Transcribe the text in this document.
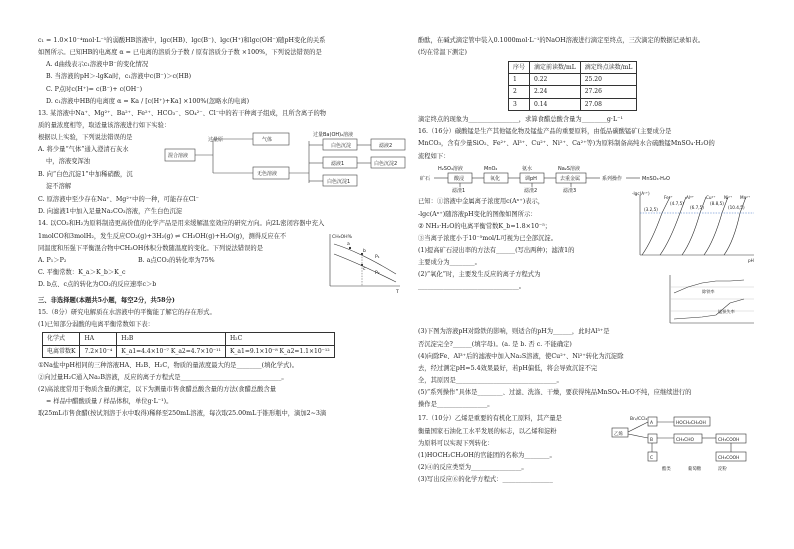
c₁ = 1.0×10⁻⁴mol·L⁻¹的弱酸HB溶液中，lgc(HB)、lgc(B⁻)、lgc(H⁺)和lgc(OH⁻)随pH变化的关系

如图所示。已知HB的电离度 α = 已电离的溶质分子数 / 原有溶质分子数 ×100%，下列说法错误的是

A. d曲线表示c₁溶液中B⁻的变化情况

B. 当溶液的pH＞-lgKa时，c₁溶液中c(B⁻)＞c(HB)

C. P点时c(H⁺)= c(B⁻)+ c(OH⁻)

D. c₁溶液中HB的电离度 α = Ka / [c(H⁺)+Ka] ×100%(忽略水的电离)

13. 某溶液中Na⁺、Mg²⁺、Ba²⁺、Fe²⁺、HCO₃⁻、SO₄²⁻、Cl⁻中的若干种离子组成，且所含离子的物

质的量浓度相等，取适量该溶液进行如下实验：

根据以上实验，下列说法错误的是

A. 将少量“气体”通入澄清石灰水

中，溶液变浑浊

B. 向“白色沉淀1”中加稀硝酸，沉

淀不溶解

混合溶液
过量原	气体
无色溶液
过量Ba(OH)₂溶液
白色沉淀
滤液1
白色沉淀1
滤液2
白色沉淀2

C. 原溶液中至少存在Na⁺、Mg²⁺中的一种，可能存在Cl⁻

D. 向滤液1中加入足量Na₂CO₃溶液，产生白色沉淀

14. 以CO₂和H₂为原料制造更高价值的化学产品是用来缓解温室效应的研究方向。向2L密闭容器中充入

1molCO和3molH₂，发生反应CO₂(g)+3H₂(g) ⇌ CH₃OH(g)+H₂O(g)，测得反应在不

同温度和压强下平衡混合物中CH₃OH体积分数随温度的变化。下列说法错误的是

A. P₁＞P₂	B. a点CO₂的转化率为75%

C. 平衡常数：K_a＞K_b＞K_c

D. b点、c点的转化为CO₂的反应速率c＞b

CH₃OH%
T
P₁
P₂
a
b
c

三、非选择题(本题共5小题，每空2分，共58分)

15.（8分）研究电解质在水溶液中的平衡能了解它的存在形式。

(1)已知部分弱酸的电离平衡常数如下表：

化学式	HA	H₂B	H₂C
电离常数K	7.2×10⁻⁴	K_a1=4.4×10⁻⁷ K_a2=4.7×10⁻¹¹	K_a1=9.1×10⁻⁸ K_a2=1.1×10⁻¹²

①Na盐中pH相同的三种溶液HA、H₂B、H₂C，物质的量浓度最大的是________(填化学式)。

②向过量H₂C通入Na₂B溶液，反应的离子方程式是________________________________。

(2)高浓度常用于物质含量的测定，以下为测量市售食醋总酸含量的方法(食醋总酸含量

= 样品中醋酸质量 / 样品体积，单位g·L⁻¹)。

取25mL市售食醋(按试剂溶于水中取得)稀释至250mL溶液，每次取25.00mL于锥形瓶中，滴加2~3滴

酚酞，在碱式滴定管中装入0.1000mol·L⁻¹的NaOH溶液进行滴定至终点，三次滴定的数据记录如表。

(均在常温下测定)

序号	滴定前读数/mL	滴定终点读数/mL
1	0.22	25.20
2	2.24	27.26
3	0.14	27.08

滴定终点的现象为________________，求算食醋总酸含量为________g·L⁻¹

16.（16分）碳酸锰是生产其他锰化物及锰盐产品的重要原料，由低品碳酸锰矿(主要成分是

MnCO₃，含有少量SiO₂、Fe²⁺、Al³⁺、Cu²⁺、Ni²⁺、Ca²⁺等)为原料制备高纯水合硫酸锰MnSO₄·H₂O的

流程如下：

矿石
H₂SO₄溶液
酸浸
MnO₂
氧化
氨水
调pH
Na₂S溶液
去重金属	系列操作	MnSO₄·H₂O
滤渣1	滤渣2	滤渣3

已知：①溶液中金属离子浓度用c(Aⁿ⁺)表示，

-lgc(Aⁿ⁺)随溶液pH变化的图像如图所示：

② NH₃·H₂O的电离平衡常数K_b=1.8×10⁻⁵；

③当离子浓度小于10⁻⁵mol/L可视为已全部沉淀。

(1)提高矿石浸出率的方法有______(写出两种)；滤渣1的

主要成分为________。

(2)“氧化”时，主要发生反应的离子方程式为

________________________________。

-lgc(Aⁿ⁺)
pH
Fe³⁺	Al³⁺	Cu²⁺ Ni²⁺ Mn²⁺
(3.2,5)
(4.7,5)
(6.7,5)
(8.8,5)
(10.4,5)
除铁率
锰损失率

(3)下图为溶液pH对除铁的影响，则适合的pH为______，此时Al³⁺是

否沉淀完全?______(填字母)。(a. 是 b. 否 c. 不能确定)

(4)向除Fe、Al³⁺后的滤液中加入Na₂S溶液，使Cu²⁺、Ni²⁺转化为沉淀除

去，经过测定pH=5.4效果最好，若pH偏低，将会导致沉淀不完

全，其原因是________________________________。

(5)“系列操作”具体是________、过滤、洗涤、干燥，要获得纯品MnSO₄·H₂O不纯，应继续进行的

操作是________________。

17.（10分）乙烯是重要的有机化工原料，其产量是

衡量国家石油化工水平发展的标志，以乙烯和淀粉

为原料可以实现下列转化：

(1)HOCH₂CH₂OH的官能团的名称为________。

(2)④的反应类型为________________。

(3)写出反应⑥的化学方程式：________________

乙烯
Br₂/CCl₄
A	HOCH₂CH₂OH
B	CH₃CHO	CH₃COOH
C	CH₃COOH
淀粉
葡萄糖
酯类
